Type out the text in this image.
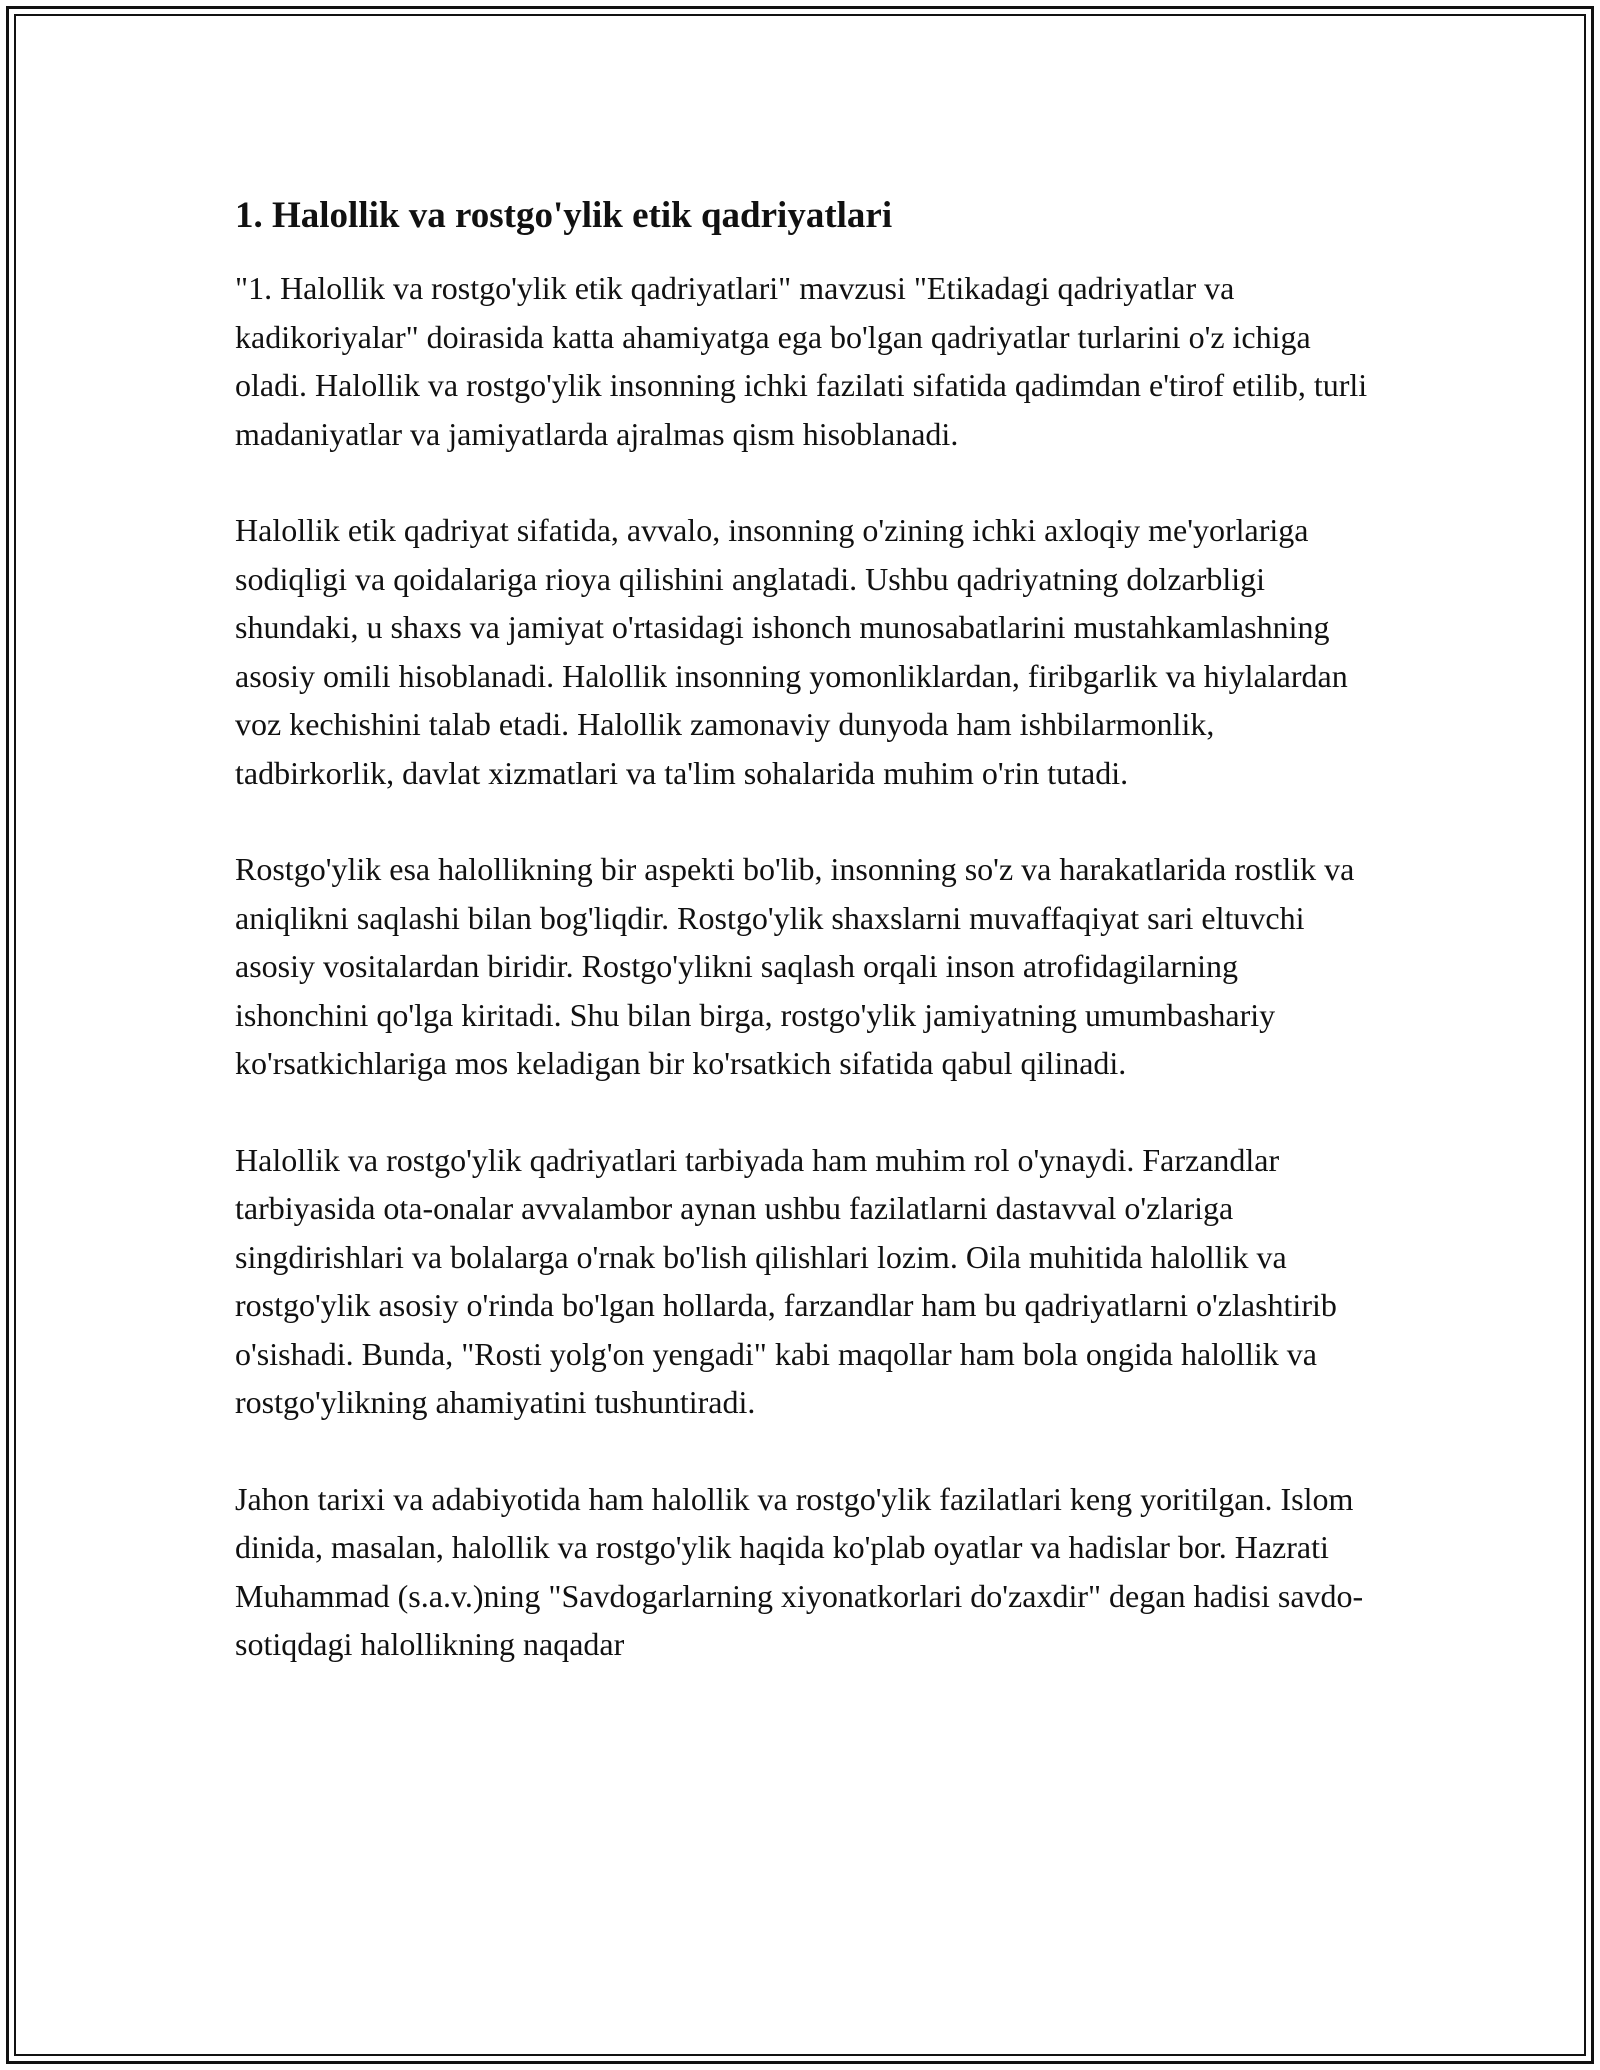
1. Halollik va rostgo'ylik etik qadriyatlari

"1. Halollik va rostgo'ylik etik qadriyatlari" mavzusi "Etikadagi qadriyatlar va kadikoriyalar" doirasida katta ahamiyatga ega bo'lgan qadriyatlar turlarini o'z ichiga oladi. Halollik va rostgo'ylik insonning ichki fazilati sifatida qadimdan e'tirof etilib, turli madaniyatlar va jamiyatlarda ajralmas qism hisoblanadi.

Halollik etik qadriyat sifatida, avvalo, insonning o'zining ichki axloqiy me'yorlariga sodiqligi va qoidalariga rioya qilishini anglatadi. Ushbu qadriyatning dolzarbligi shundaki, u shaxs va jamiyat o'rtasidagi ishonch munosabatlarini mustahkamlashning asosiy omili hisoblanadi. Halollik insonning yomonliklardan, firibgarlik va hiylalardan voz kechishini talab etadi. Halollik zamonaviy dunyoda ham ishbilarmonlik, tadbirkorlik, davlat xizmatlari va ta'lim sohalarida muhim o'rin tutadi.

Rostgo'ylik esa halollikning bir aspekti bo'lib, insonning so'z va harakatlarida rostlik va aniqlikni saqlashi bilan bog'liqdir. Rostgo'ylik shaxslarni muvaffaqiyat sari eltuvchi asosiy vositalardan biridir. Rostgo'ylikni saqlash orqali inson atrofidagilarning ishonchini qo'lga kiritadi. Shu bilan birga, rostgo'ylik jamiyatning umumbashariy ko'rsatkichlariga mos keladigan bir ko'rsatkich sifatida qabul qilinadi.

Halollik va rostgo'ylik qadriyatlari tarbiyada ham muhim rol o'ynaydi. Farzandlar tarbiyasida ota-onalar avvalambor aynan ushbu fazilatlarni dastavval o'zlariga singdirishlari va bolalarga o'rnak bo'lish qilishlari lozim. Oila muhitida halollik va rostgo'ylik asosiy o'rinda bo'lgan hollarda, farzandlar ham bu qadriyatlarni o'zlashtirib o'sishadi. Bunda, "Rosti yolg'on yengadi" kabi maqollar ham bola ongida halollik va rostgo'ylikning ahamiyatini tushuntiradi.

Jahon tarixi va adabiyotida ham halollik va rostgo'ylik fazilatlari keng yoritilgan. Islom dinida, masalan, halollik va rostgo'ylik haqida ko'plab oyatlar va hadislar bor. Hazrati Muhammad (s.a.v.)ning "Savdogarlarning xiyonatkorlari do'zaxdir" degan hadisi savdo-sotiqdagi halollikning naqadar
